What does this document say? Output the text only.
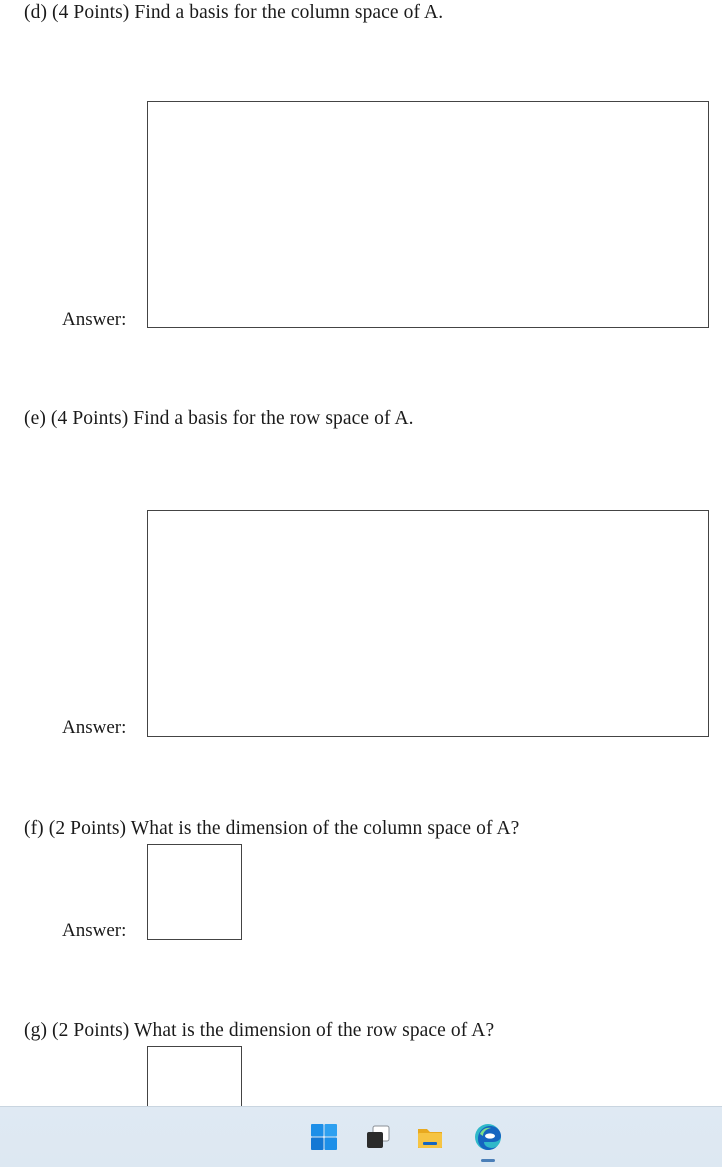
(d) (4 Points) Find a basis for the column space of A.
Answer:
(e) (4 Points) Find a basis for the row space of A.
Answer:
(f) (2 Points) What is the dimension of the column space of A?
Answer:
(g) (2 Points) What is the dimension of the row space of A?
